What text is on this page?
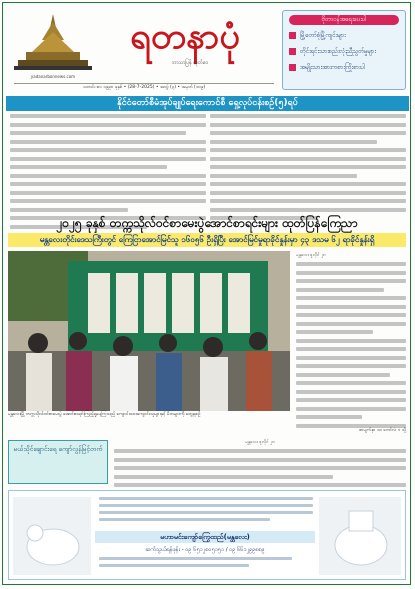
yadanarbonnews.com
ရတနာပုံ
ဘာသာပြန် ထုတ်ဝေ
သတင်း စာ၊ ၁၉၉၈ ခုနှစ် • (28-7-2025) • အတွဲ (၃) • အမှတ် (၁၀၉)
ဗိုတာဝန်အရေးပေးပါ
မြို့တော်စုံမြို့ကျင်းများ
တိုင်းရင်းသားစည်းလုံးညီညွတ်မှုများ
အမျိုးသားအားကစားကြိုးစားပါ
နိုင်ငံတော်စီမံအုပ်ချုပ်ရေးကောင်စီ ရှေ့လုပ်ငန်းစဉ်(၅)ရပ်
၂၀၂၅ ခုနှစ် တက္ကသိုလ်ဝင်စာမေးပွဲအောင်စာရင်းများ ထုတ်ပြန်ကြေညာ
မန္တလေးတိုင်းဒေသကြီးတွင် ကြေငြာအောင်မြင်သူ ၁၆၀၅၆ ဦးရှိပြီး အောင်မြင်မှုရာခိုင်နှုန်းမှာ ၄၃ ဒသမ ၆၂ ရာခိုင်နှုန်းရှိ
မန္တလေးမြို့ တက္ကသိုလ်ဝင်စာမေးပွဲ အောင်စာရင်းကြည့်ရှုနေကြသည့် ကျောင်းသားကျောင်းသူများနှင့် မိဘများကို တွေ့ရစဉ်
မန္တလေး ဇူလိုင် ၂၈
စာမျက်နှာ ၁၀ ကော်လံ ၁ သို့
မယ်သိုင်ချောင်းရေ ကျော်လွန်မြင့်တက်
မန္တလေး ဇူလိုင် ၂၈
မဟာမင်းကျော်ကြွေထည်(မန္တလေး)
ဆက်သွယ်ရန်ဖုန်း - ၀၉ ၆၅၁၂၈၀၅၁၅၁ / ၀၉ ၆၆၁၂၉၉၈၈၉
